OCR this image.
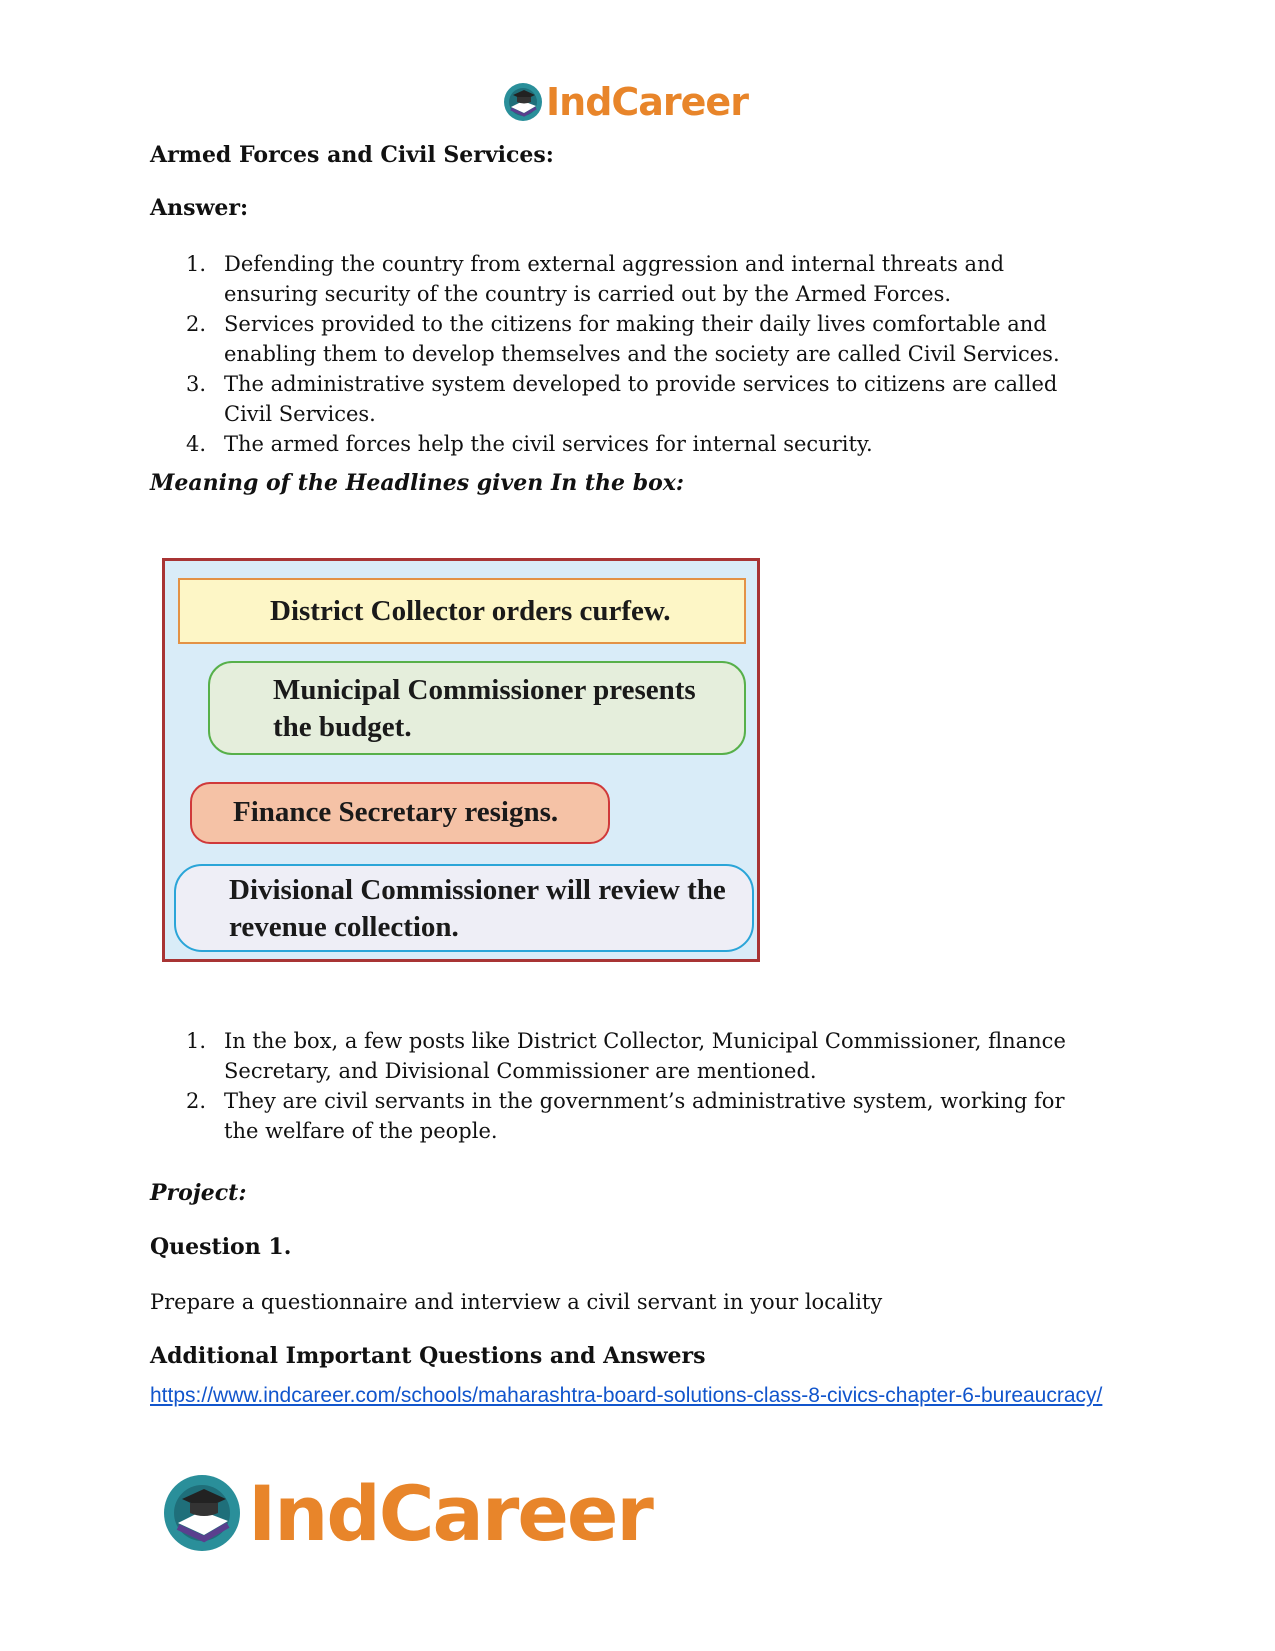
IndCareer
Armed Forces and Civil Services:
Answer:
1. Defending the country from external aggression and internal threats and ensuring security of the country is carried out by the Armed Forces.
2. Services provided to the citizens for making their daily lives comfortable and enabling them to develop themselves and the society are called Civil Services.
3. The administrative system developed to provide services to citizens are called Civil Services.
4. The armed forces help the civil services for internal security.
Meaning of the Headlines given In the box:
District Collector orders curfew.
Municipal Commissioner presents the budget.
Finance Secretary resigns.
Divisional Commissioner will review the revenue collection.
1. In the box, a few posts like District Collector, Municipal Commissioner, flnance Secretary, and Divisional Commissioner are mentioned.
2. They are civil servants in the government’s administrative system, working for the welfare of the people.
Project:
Question 1.

Prepare a questionnaire and interview a civil servant in your locality

Additional Important Questions and Answers
https://www.indcareer.com/schools/maharashtra-board-solutions-class-8-civics-chapter-6-bureaucracy/
IndCareer
